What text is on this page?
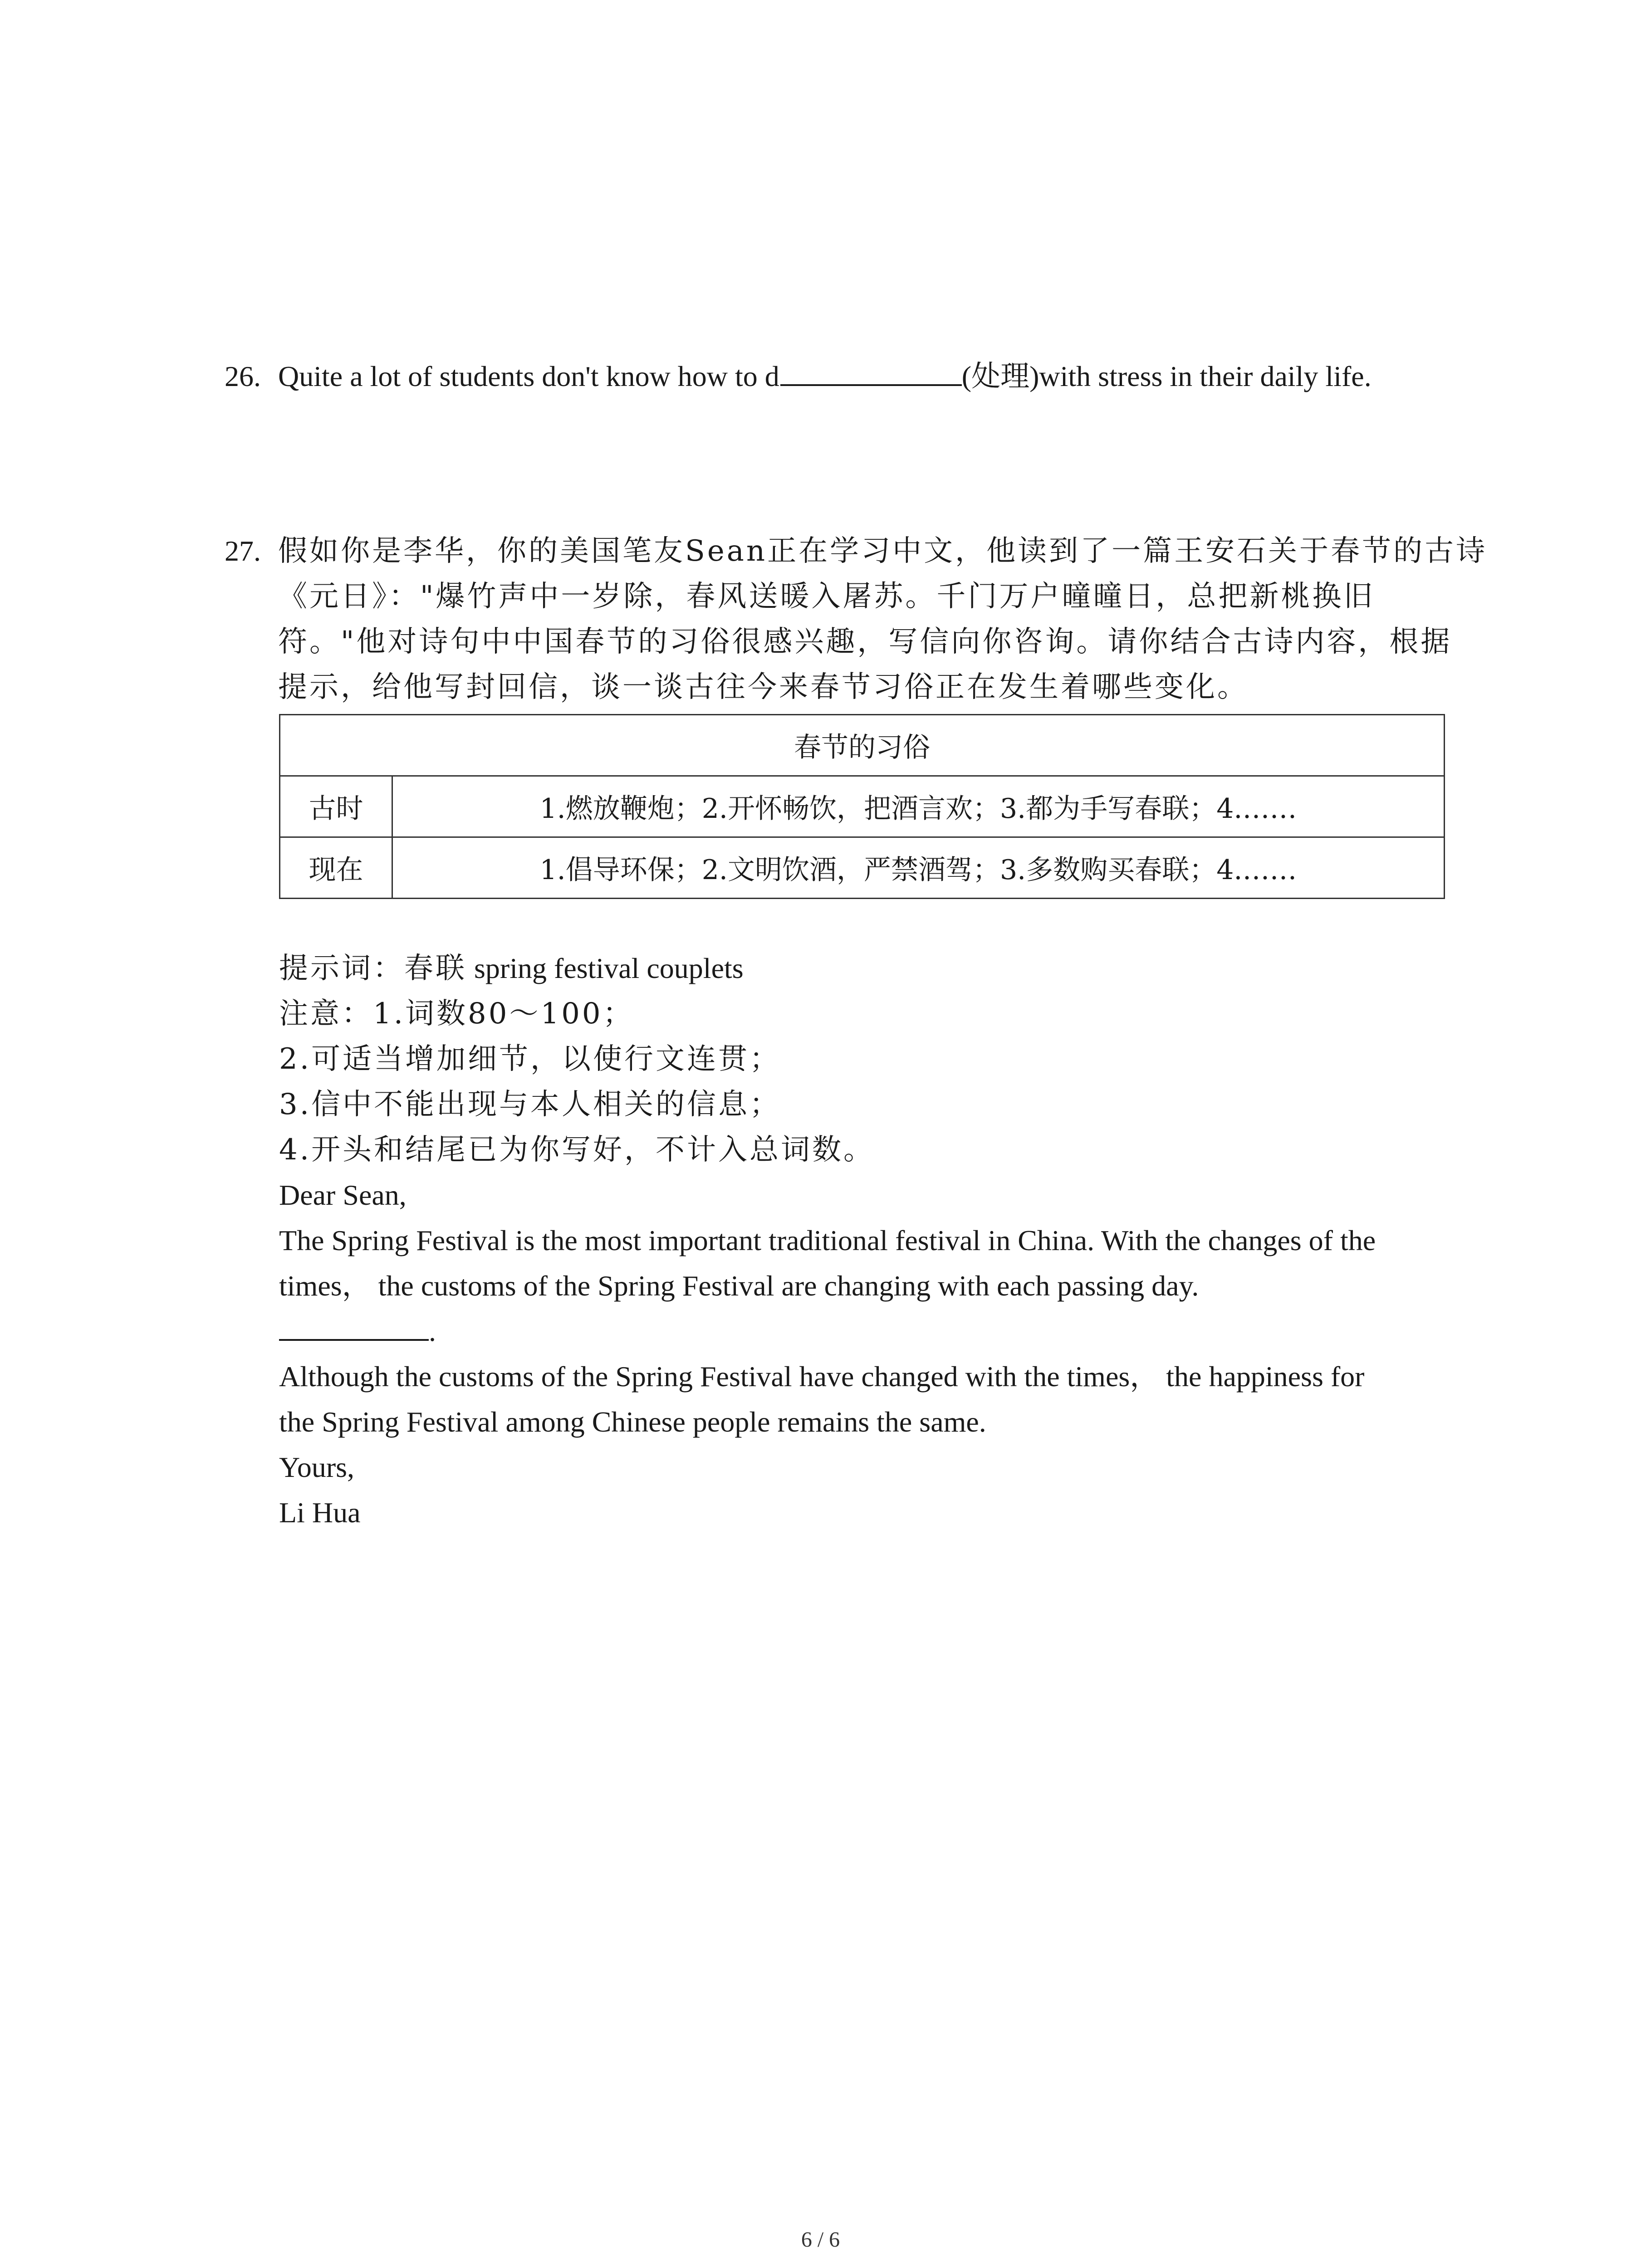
26. Quite a lot of students don't know how to d	(处理)with stress in their daily life.
27. 假如你是李华，你的美国笔友Sean正在学习中文，他读到了一篇王安石关于春节的古诗
《元日》："爆竹声中一岁除，春风送暖入屠苏。千门万户曈曈日，总把新桃换旧
符。"他对诗句中中国春节的习俗很感兴趣，写信向你咨询。请你结合古诗内容，根据
提示，给他写封回信，谈一谈古往今来春节习俗正在发生着哪些变化。
春节的习俗	
古时	1.燃放鞭炮；2.开怀畅饮，把酒言欢；3.都为手写春联；4.……
现在	1.倡导环保；2.文明饮酒，严禁酒驾；3.多数购买春联；4.……
提示词：春联 spring festival couplets
注意：1.词数80～100；
2.可适当增加细节，以使行文连贯；
3.信中不能出现与本人相关的信息；
4.开头和结尾已为你写好，不计入总词数。
Dear Sean,
The Spring Festival is the most important traditional festival in China. With the changes of the
times， the customs of the Spring Festival are changing with each passing day.
.
Although the customs of the Spring Festival have changed with the times， the happiness for
the Spring Festival among Chinese people remains the same.
Yours,
Li Hua
6 / 6
